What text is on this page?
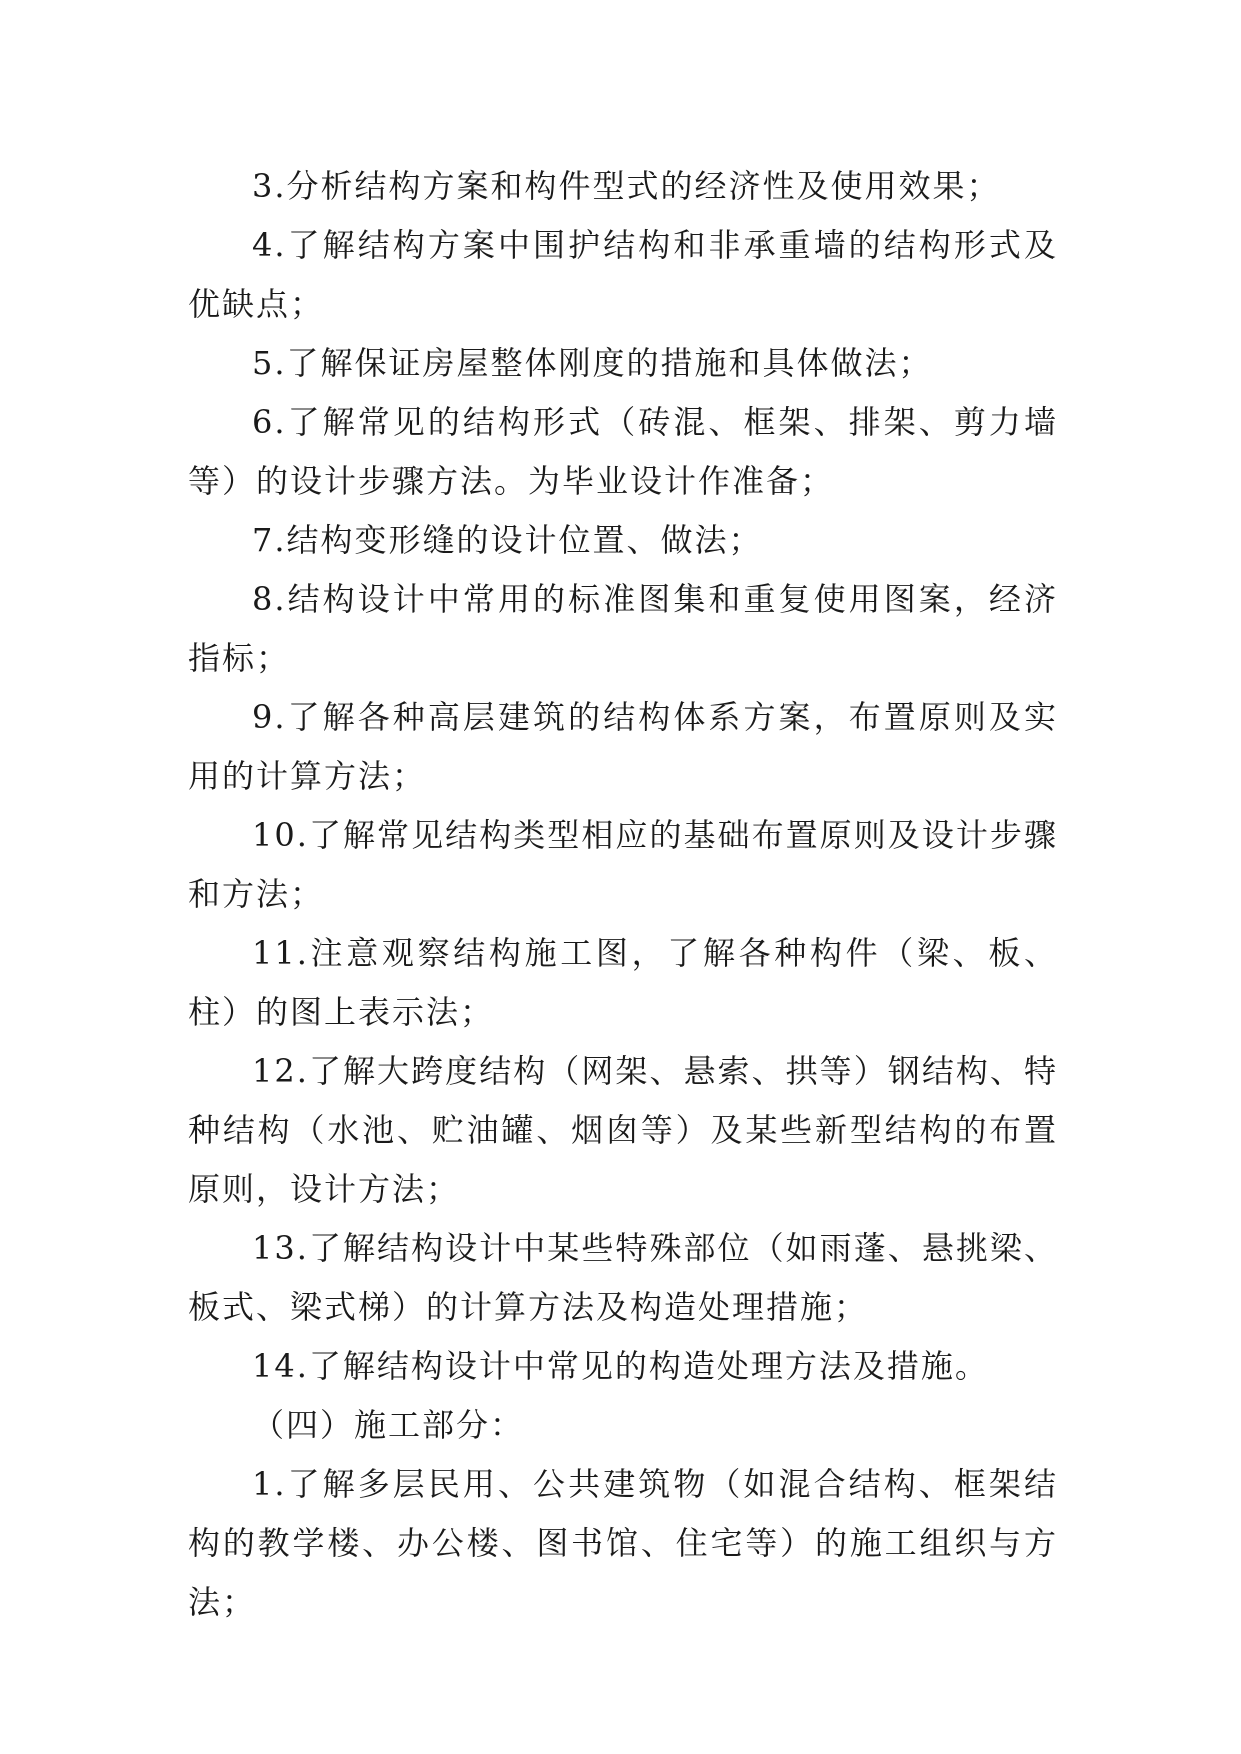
3.分析结构方案和构件型式的经济性及使用效果；

4.了解结构方案中围护结构和非承重墙的结构形式及优缺点；

5.了解保证房屋整体刚度的措施和具体做法；

6.了解常见的结构形式（砖混、框架、排架、剪力墙等）的设计步骤方法。为毕业设计作准备；

7.结构变形缝的设计位置、做法；

8.结构设计中常用的标准图集和重复使用图案，经济指标；

9.了解各种高层建筑的结构体系方案，布置原则及实用的计算方法；

10.了解常见结构类型相应的基础布置原则及设计步骤和方法；

11.注意观察结构施工图，了解各种构件（梁、板、柱）的图上表示法；

12.了解大跨度结构（网架、悬索、拱等）钢结构、特种结构（水池、贮油罐、烟囱等）及某些新型结构的布置原则，设计方法；

13.了解结构设计中某些特殊部位（如雨蓬、悬挑梁、板式、梁式梯）的计算方法及构造处理措施；

14.了解结构设计中常见的构造处理方法及措施。

（四）施工部分：

1.了解多层民用、公共建筑物（如混合结构、框架结构的教学楼、办公楼、图书馆、住宅等）的施工组织与方法；
